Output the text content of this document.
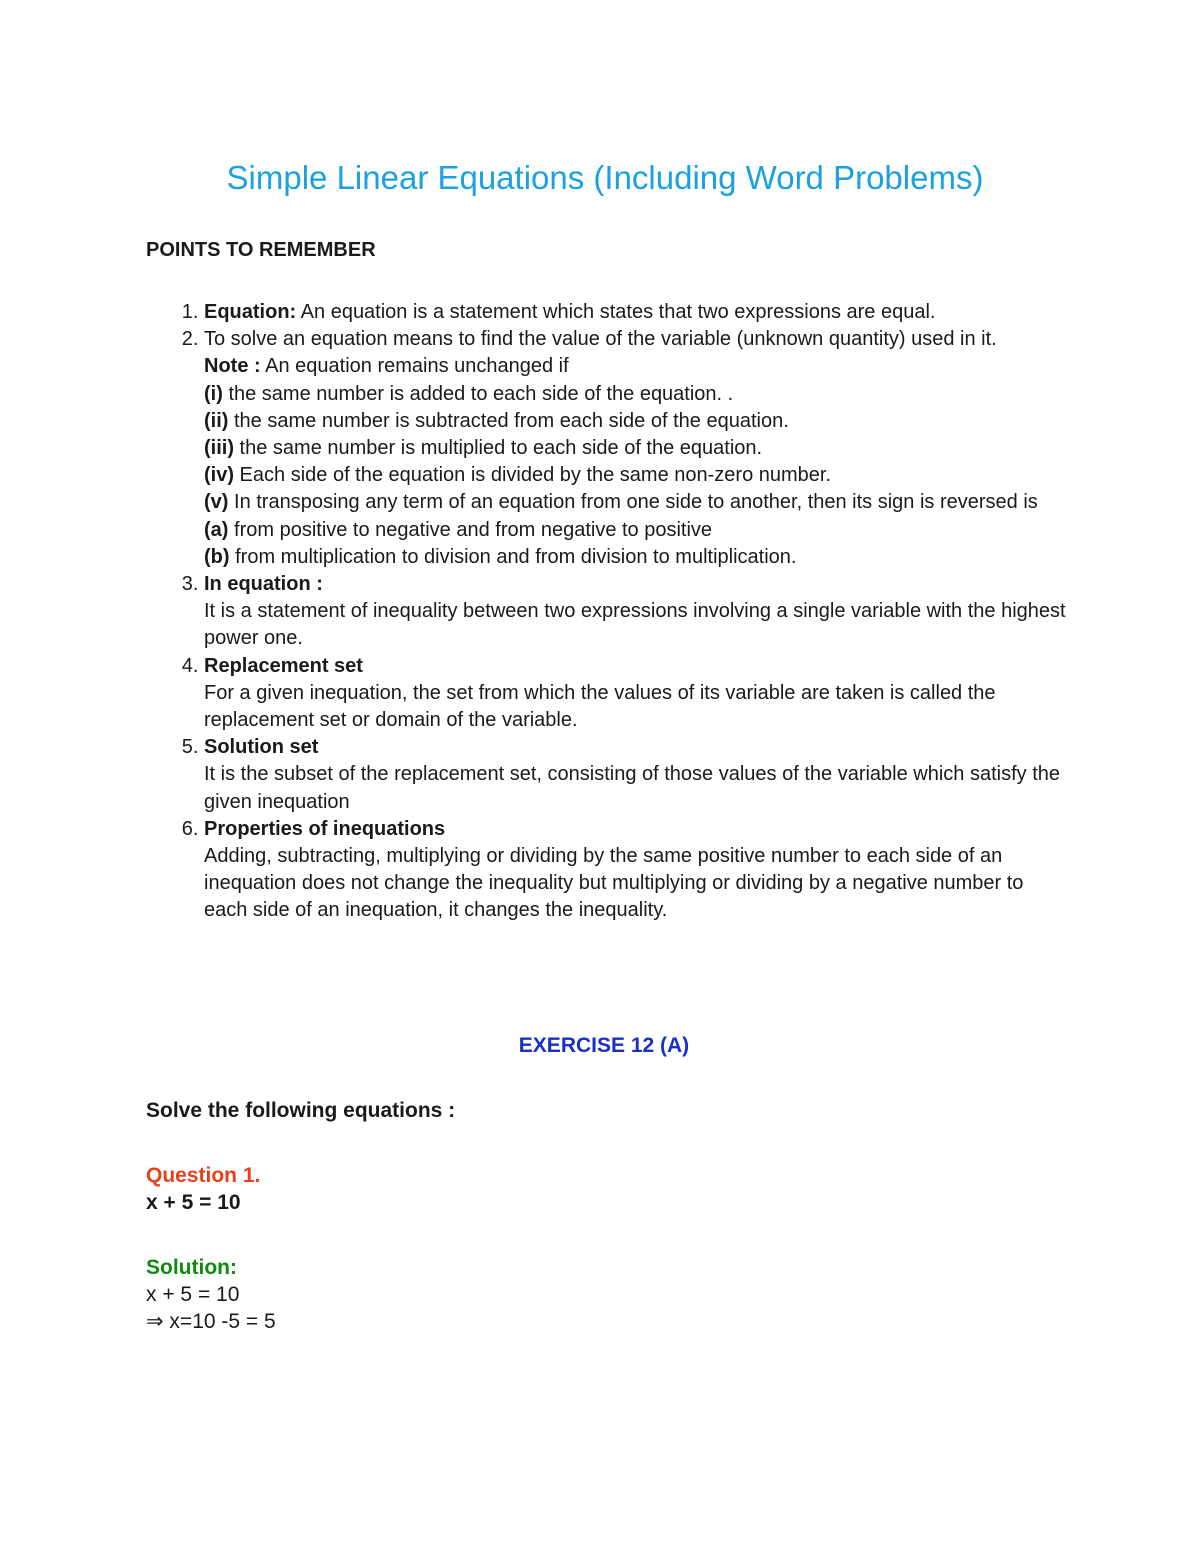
Simple Linear Equations (Including Word Problems)

POINTS TO REMEMBER

1. Equation: An equation is a statement which states that two expressions are equal.
2. To solve an equation means to find the value of the variable (unknown quantity) used in it.
Note : An equation remains unchanged if
(i) the same number is added to each side of the equation. .
(ii) the same number is subtracted from each side of the equation.
(iii) the same number is multiplied to each side of the equation.
(iv) Each side of the equation is divided by the same non-zero number.
(v) In transposing any term of an equation from one side to another, then its sign is reversed is
(a) from positive to negative and from negative to positive
(b) from multiplication to division and from division to multiplication.
3. In equation :
It is a statement of inequality between two expressions involving a single variable with the highest power one.
4. Replacement set
For a given inequation, the set from which the values of its variable are taken is called the replacement set or domain of the variable.
5. Solution set
It is the subset of the replacement set, consisting of those values of the variable which satisfy the given inequation
6. Properties of inequations
Adding, subtracting, multiplying or dividing by the same positive number to each side of an inequation does not change the inequality but multiplying or dividing by a negative number to each side of an inequation, it changes the inequality.

EXERCISE 12 (A)

Solve the following equations :

Question 1.
x + 5 = 10
Solution:
x + 5 = 10
⇒ x=10 -5 = 5
